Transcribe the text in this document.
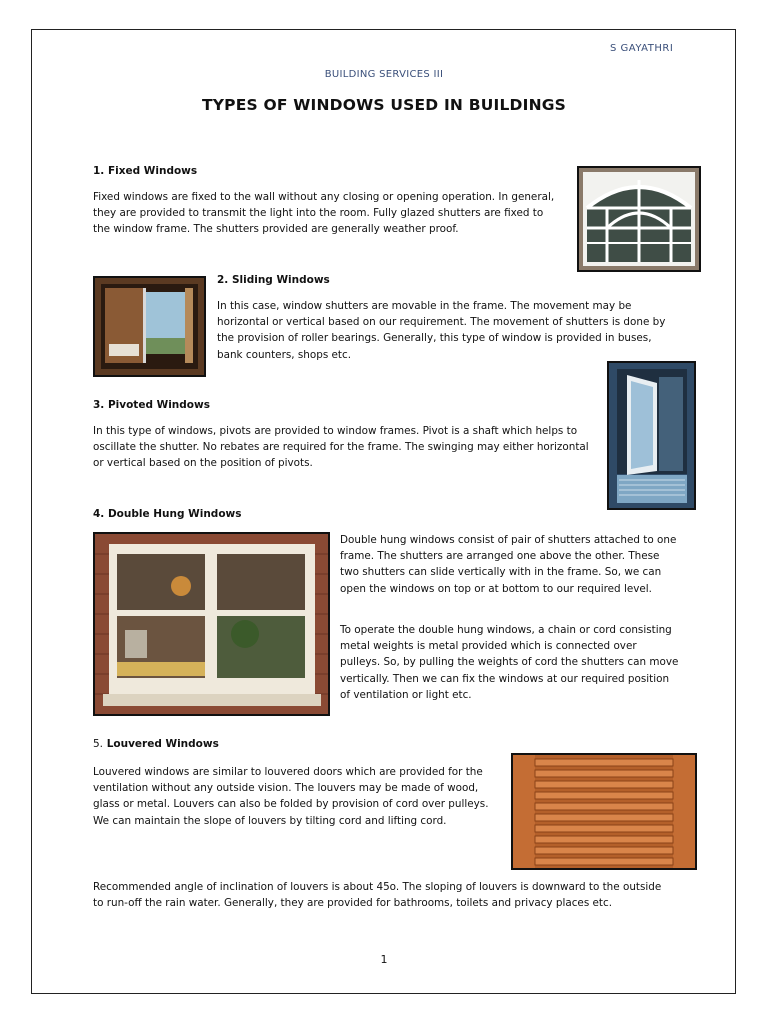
S GAYATHRI
BUILDING SERVICES III
TYPES OF WINDOWS USED IN BUILDINGS
1. Fixed Windows

Fixed windows are fixed to the wall without any closing or opening operation. In general, they are provided to transmit the light into the room. Fully glazed shutters are fixed to the window frame. The shutters provided are generally weather proof.

2. Sliding Windows

In this case, window shutters are movable in the frame. The movement may be horizontal or vertical based on our requirement. The movement of shutters is done by the provision of roller bearings. Generally, this type of window is provided in buses, bank counters, shops etc.

3. Pivoted Windows

In this type of windows, pivots are provided to window frames. Pivot is a shaft which helps to oscillate the shutter. No rebates are required for the frame. The swinging may either horizontal or vertical based on the position of pivots.

4. Double Hung Windows

Double hung windows consist of pair of shutters attached to one frame. The shutters are arranged one above the other. These two shutters can slide vertically with in the frame. So, we can open the windows on top or at bottom to our required level.

To operate the double hung windows, a chain or cord consisting metal weights is metal provided which is connected over pulleys. So, by pulling the weights of cord the shutters can move vertically. Then we can fix the windows at our required position of ventilation or light etc.

5. Louvered Windows

Louvered windows are similar to louvered doors which are provided for the ventilation without any outside vision. The louvers may be made of wood, glass or metal. Louvers can also be folded by provision of cord over pulleys. We can maintain the slope of louvers by tilting cord and lifting cord.

Recommended angle of inclination of louvers is about 45o. The sloping of louvers is downward to the outside to run-off the rain water. Generally, they are provided for bathrooms, toilets and privacy places etc.

1
